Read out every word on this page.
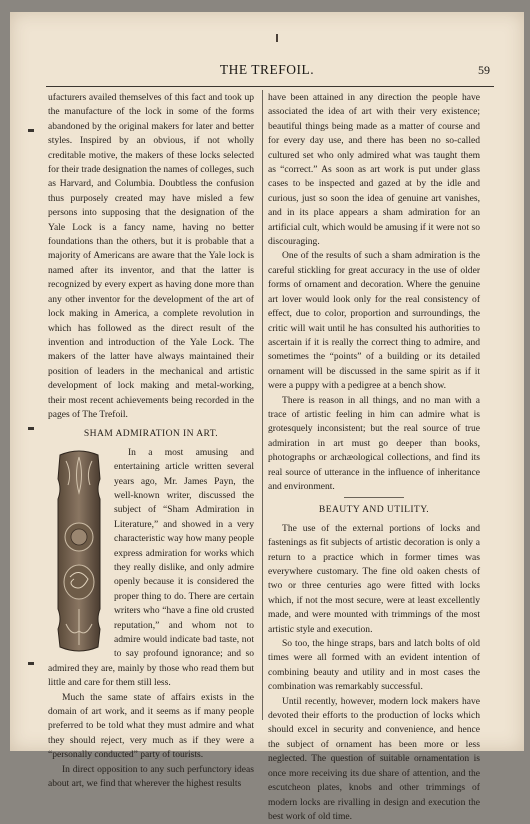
THE TREFOIL.	59

ufacturers availed themselves of this fact and took up the manufacture of the lock in some of the forms abandoned by the original makers for later and better styles. Inspired by an obvious, if not wholly creditable motive, the makers of these locks selected for their trade designation the names of colleges, such as Harvard, and Columbia. Doubtless the confusion thus purposely created may have misled a few persons into supposing that the designation of the Yale Lock is a fancy name, having no better foundations than the others, but it is probable that a majority of Americans are aware that the Yale lock is named after its inventor, and that the latter is recognized by every expert as having done more than any other inventor for the development of the art of lock making in America, a complete revolution in which has followed as the direct result of the invention and introduction of the Yale Lock. The makers of the latter have always maintained their position of leaders in the mechanical and artistic development of lock making and metal-working, their most recent achievements being recorded in the pages of The Trefoil.

SHAM ADMIRATION IN ART.

In a most amusing and entertaining article written several years ago, Mr. James Payn, the well-known writer, discussed the subject of “Sham Admiration in Literature,” and showed in a very characteristic way how many people express admiration for works which they really dislike, and only admire openly because it is considered the proper thing to do. There are certain writers who “have a fine old crusted reputation,” and whom not to admire would indicate bad taste, not to say profound ignorance; and so admired they are, mainly by those who read them but little and care for them still less.

Much the same state of affairs exists in the domain of art work, and it seems as if many people preferred to be told what they must admire and what they should reject, very much as if they were a “personally conducted” party of tourists.

In direct opposition to any such perfunctory ideas about art, we find that wherever the highest results

have been attained in any direction the people have associated the idea of art with their very existence; beautiful things being made as a matter of course and for every day use, and there has been no so-called cultured set who only admired what was taught them as “correct.” As soon as art work is put under glass cases to be inspected and gazed at by the idle and curious, just so soon the idea of genuine art vanishes, and in its place appears a sham admiration for an artificial cult, which would be amusing if it were not so discouraging.

One of the results of such a sham admiration is the careful stickling for great accuracy in the use of older forms of ornament and decoration. Where the genuine art lover would look only for the real consistency of effect, due to color, proportion and surroundings, the critic will wait until he has consulted his authorities to ascertain if it is really the correct thing to admire, and sometimes the “points” of a building or its detailed ornament will be discussed in the same spirit as if it were a puppy with a pedigree at a bench show.

There is reason in all things, and no man with a trace of artistic feeling in him can admire what is grotesquely inconsistent; but the real source of true admiration in art must go deeper than books, photographs or archæological collections, and find its real source of utterance in the influence of inheritance and environment.

BEAUTY AND UTILITY.

The use of the external portions of locks and fastenings as fit subjects of artistic decoration is only a return to a practice which in former times was everywhere customary. The fine old oaken chests of two or three centuries ago were fitted with locks which, if not the most secure, were at least excellently made, and were mounted with trimmings of the most artistic style and execution.

So too, the hinge straps, bars and latch bolts of old times were all formed with an evident intention of combining beauty and utility and in most cases the combination was remarkably successful.

Until recently, however, modern lock makers have devoted their efforts to the production of locks which should excel in security and convenience, and hence the subject of ornament has been more or less neglected. The question of suitable ornamentation is once more receiving its due share of attention, and the escutcheon plates, knobs and other trimmings of modern locks are rivalling in design and execution the best work of old time.
